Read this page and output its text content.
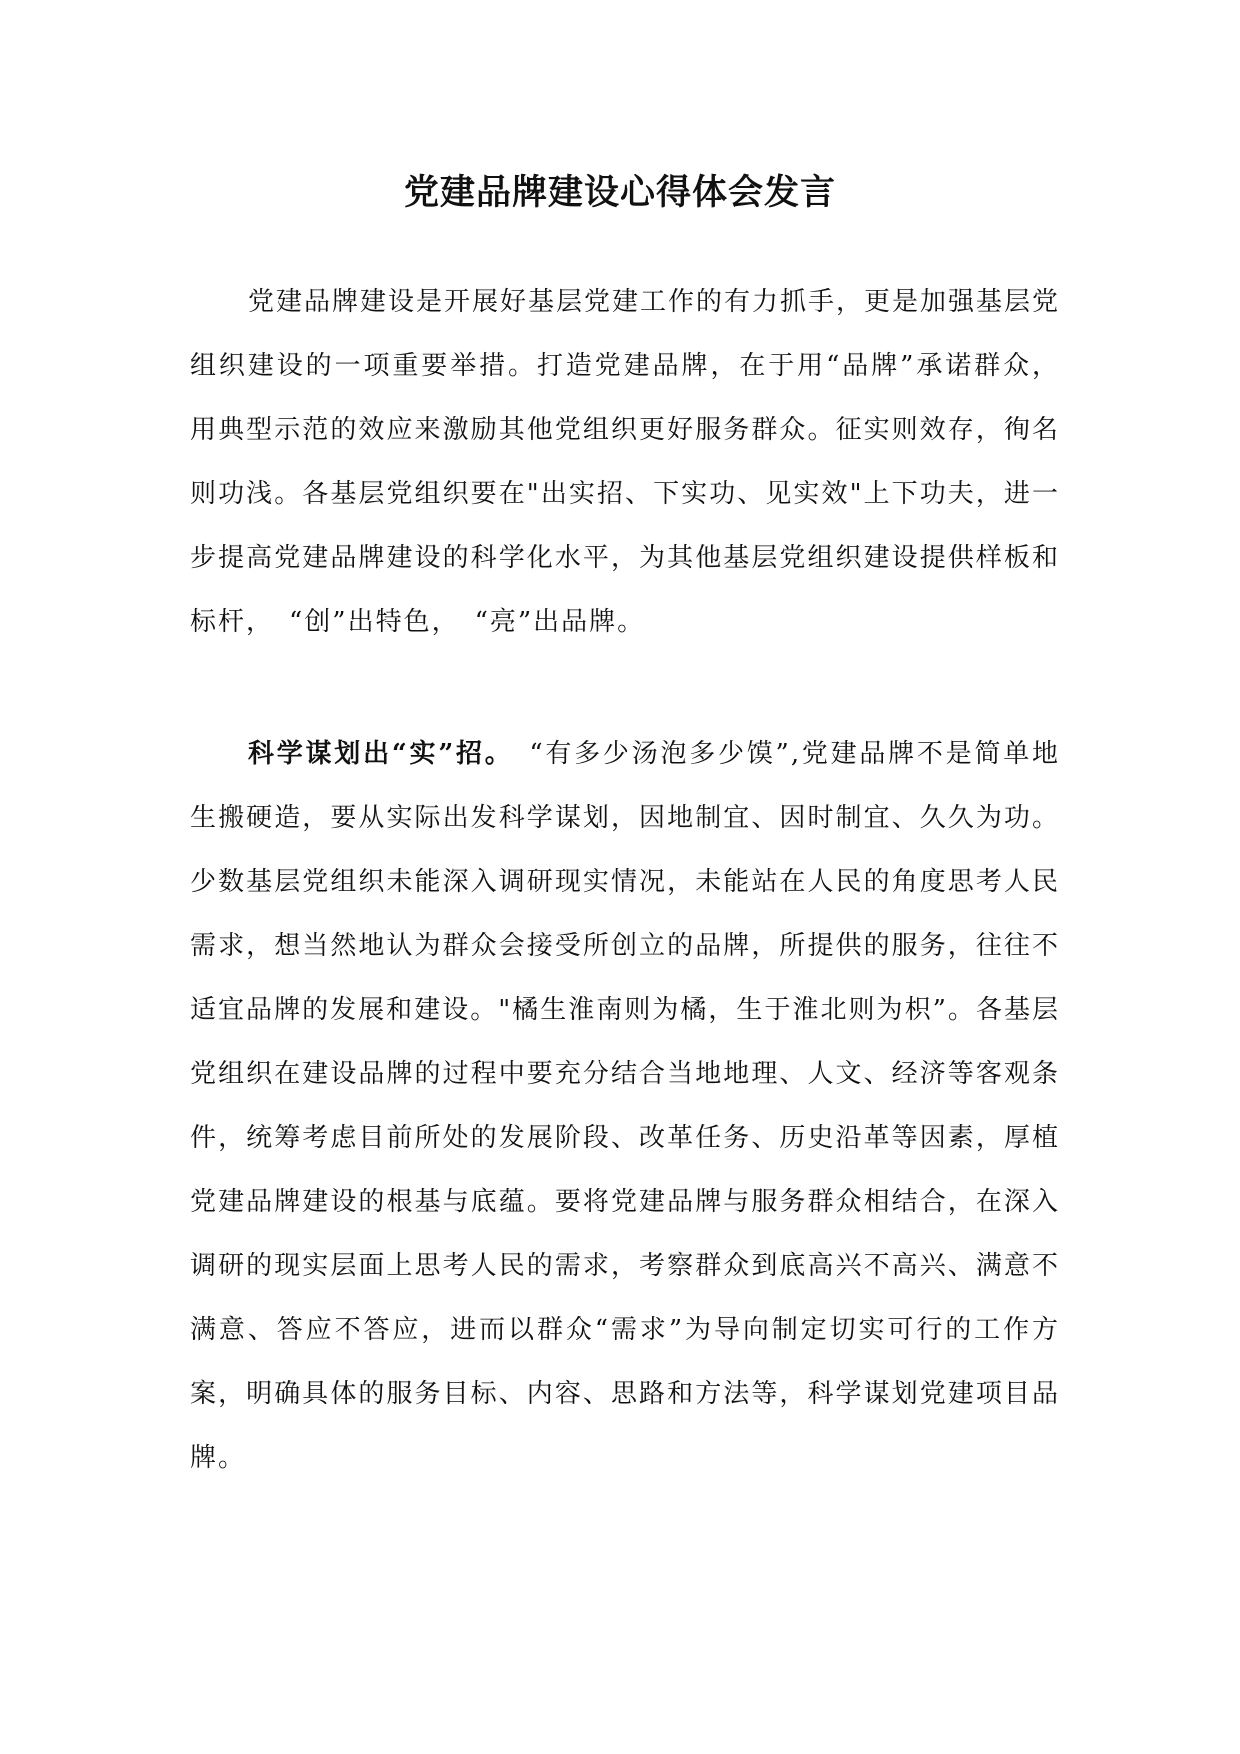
党建品牌建设心得体会发言

党建品牌建设是开展好基层党建工作的有力抓手，更是加强基层党组织建设的一项重要举措。打造党建品牌，在于用“品牌”承诺群众，用典型示范的效应来激励其他党组织更好服务群众。征实则效存，徇名则功浅。各基层党组织要在"出实招、下实功、见实效"上下功夫，进一步提高党建品牌建设的科学化水平，为其他基层党组织建设提供样板和标杆，　“创”出特色，　“亮”出品牌。

科学谋划出“实”招。　“有多少汤泡多少馍”,党建品牌不是简单地生搬硬造，要从实际出发科学谋划，因地制宜、因时制宜、久久为功。少数基层党组织未能深入调研现实情况，未能站在人民的角度思考人民需求，想当然地认为群众会接受所创立的品牌，所提供的服务，往往不适宜品牌的发展和建设。"橘生淮南则为橘，生于淮北则为枳”。各基层党组织在建设品牌的过程中要充分结合当地地理、人文、经济等客观条件，统筹考虑目前所处的发展阶段、改革任务、历史沿革等因素，厚植党建品牌建设的根基与底蕴。要将党建品牌与服务群众相结合，在深入调研的现实层面上思考人民的需求，考察群众到底高兴不高兴、满意不满意、答应不答应，进而以群众“需求”为导向制定切实可行的工作方案，明确具体的服务目标、内容、思路和方法等，科学谋划党建项目品牌。
